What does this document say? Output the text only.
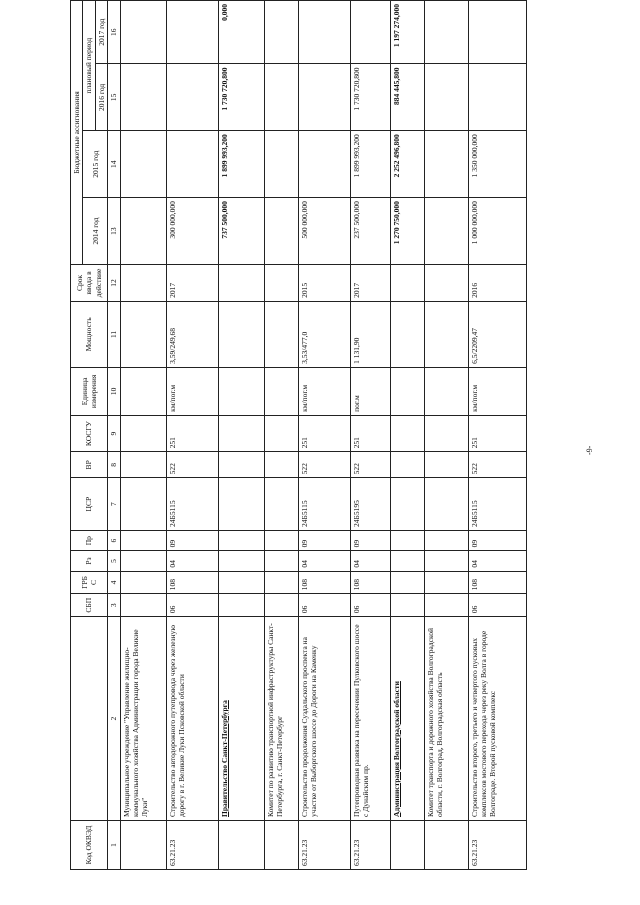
Код ОКВЭД		СБП	ГРБ С	Рз	Пр	ЦСР	ВР	КОСГУ	Единица измерения	Мощность	Срок ввода в действие	Бюджетные ассигнования			
												2014 год	2015 год	плановый период	
														2016 год	2017 год
1	2	3	4	5	6	7	8	9	10	11	12	13	14	15	16
	Муниципальное учреждение "Управление жилищно-коммунального хозяйства Администрации города Великие Луки"														
63.21.23	Строительство автодорожного путепровода через железную дорогу в г. Великие Луки Псковской области	06	108	04	09	24Б5115	522	251	км/пог.м	3,59/249,68	2017	300 000,000			
	Правительство Санкт-Петербурга											737 500,000	1 899 993,200	1 730 720,800	0,000
	Комитет по развитию транспортной инфраструктуры Санкт-Петербурга, г. Санкт-Петербург														
63.21.23	Строительство продолжения Суздальского проспекта на участке от Выборгского шоссе до Дороги на Каменку	06	108	04	09	24Б5115	522	251	км/пог.м	3,53/477,0	2015	500 000,000			
63.21.23	Путепроводная развязка на пересечении Пулковского шоссе с Дунайским пр.	06	108	04	09	24Б5195	522	251	пог.м	1 131,90	2017	237 500,000	1 899 993,200	1 730 720,800	
	Администрация Волгоградской области											1 270 750,000	2 252 496,800	884 445,800	1 197 274,000
	Комитет транспорта и дорожного хозяйства Волгоградской области, г. Волгоград, Волгоградская область														
63.21.23	Строительство второго, третьего и четвертого пусковых комплексов мостового перехода через реку Волга в городе Волгограде. Второй пусковой комплекс	06	108	04	09	24Б5115	522	251	км/пог.м	6,5/2209,47	2016	1 000 000,000	1 350 000,000		
-9-
